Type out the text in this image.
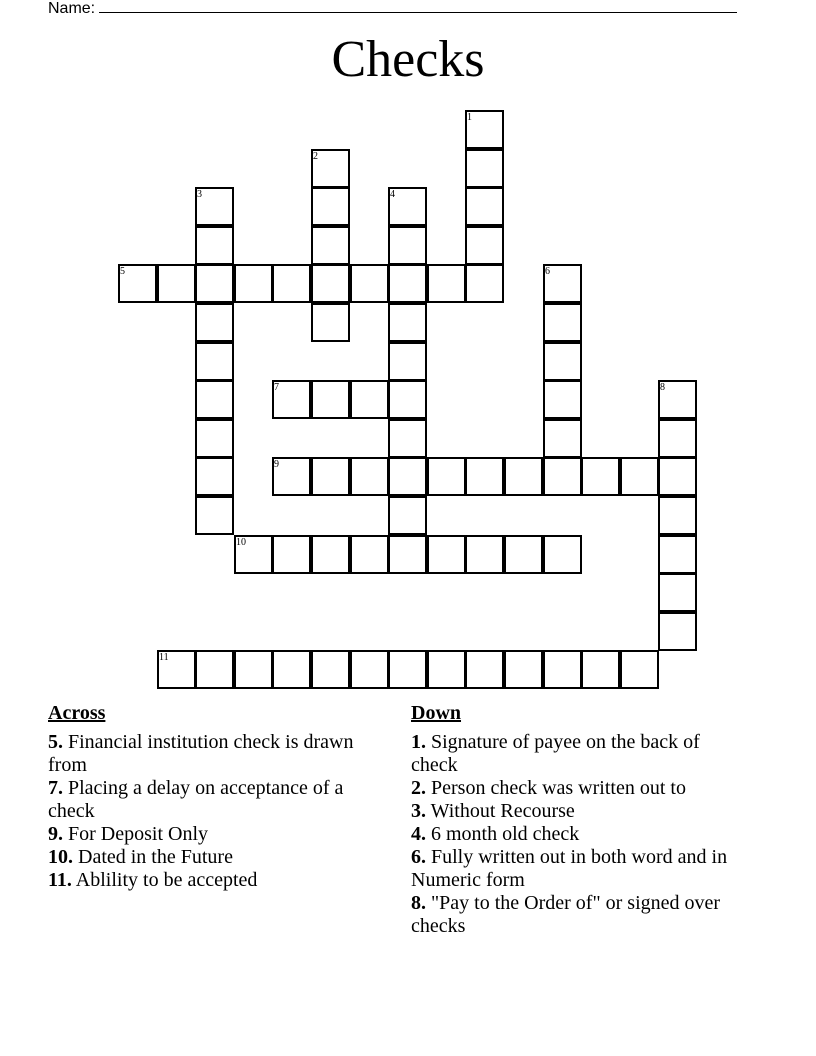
Name:
Checks
1
2
3	4
5	6
7	8
9
10
11
Across
5. Financial institution check is drawn from
7. Placing a delay on acceptance of a check
9. For Deposit Only
10. Dated in the Future
11. Ablility to be accepted
Down
1. Signature of payee on the back of check
2. Person check was written out to
3. Without Recourse
4. 6 month old check
6. Fully written out in both word and in Numeric form
8. "Pay to the Order of" or signed over checks
